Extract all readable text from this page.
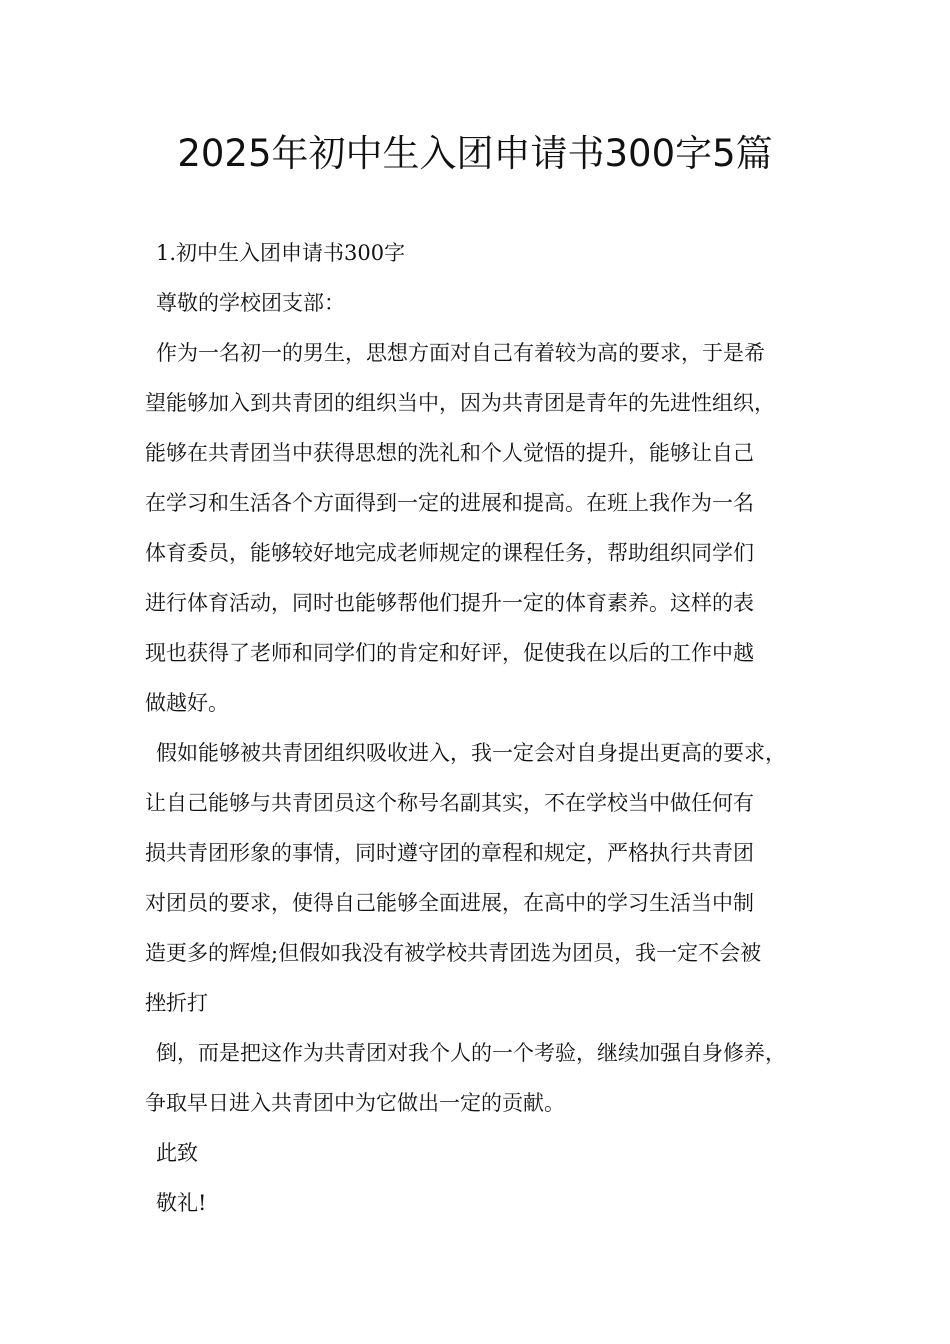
2025年初中生入团申请书300字5篇
1.初中生入团申请书300字
尊敬的学校团支部：
作为一名初一的男生，思想方面对自己有着较为高的要求，于是希
望能够加入到共青团的组织当中，因为共青团是青年的先进性组织，
能够在共青团当中获得思想的洗礼和个人觉悟的提升，能够让自己
在学习和生活各个方面得到一定的进展和提高。在班上我作为一名
体育委员，能够较好地完成老师规定的课程任务，帮助组织同学们
进行体育活动，同时也能够帮他们提升一定的体育素养。这样的表
现也获得了老师和同学们的肯定和好评，促使我在以后的工作中越
做越好。
假如能够被共青团组织吸收进入，我一定会对自身提出更高的要求，
让自己能够与共青团员这个称号名副其实，不在学校当中做任何有
损共青团形象的事情，同时遵守团的章程和规定，严格执行共青团
对团员的要求，使得自己能够全面进展，在高中的学习生活当中制
造更多的辉煌;但假如我没有被学校共青团选为团员，我一定不会被
挫折打
倒，而是把这作为共青团对我个人的一个考验，继续加强自身修养，
争取早日进入共青团中为它做出一定的贡献。
此致
敬礼!
